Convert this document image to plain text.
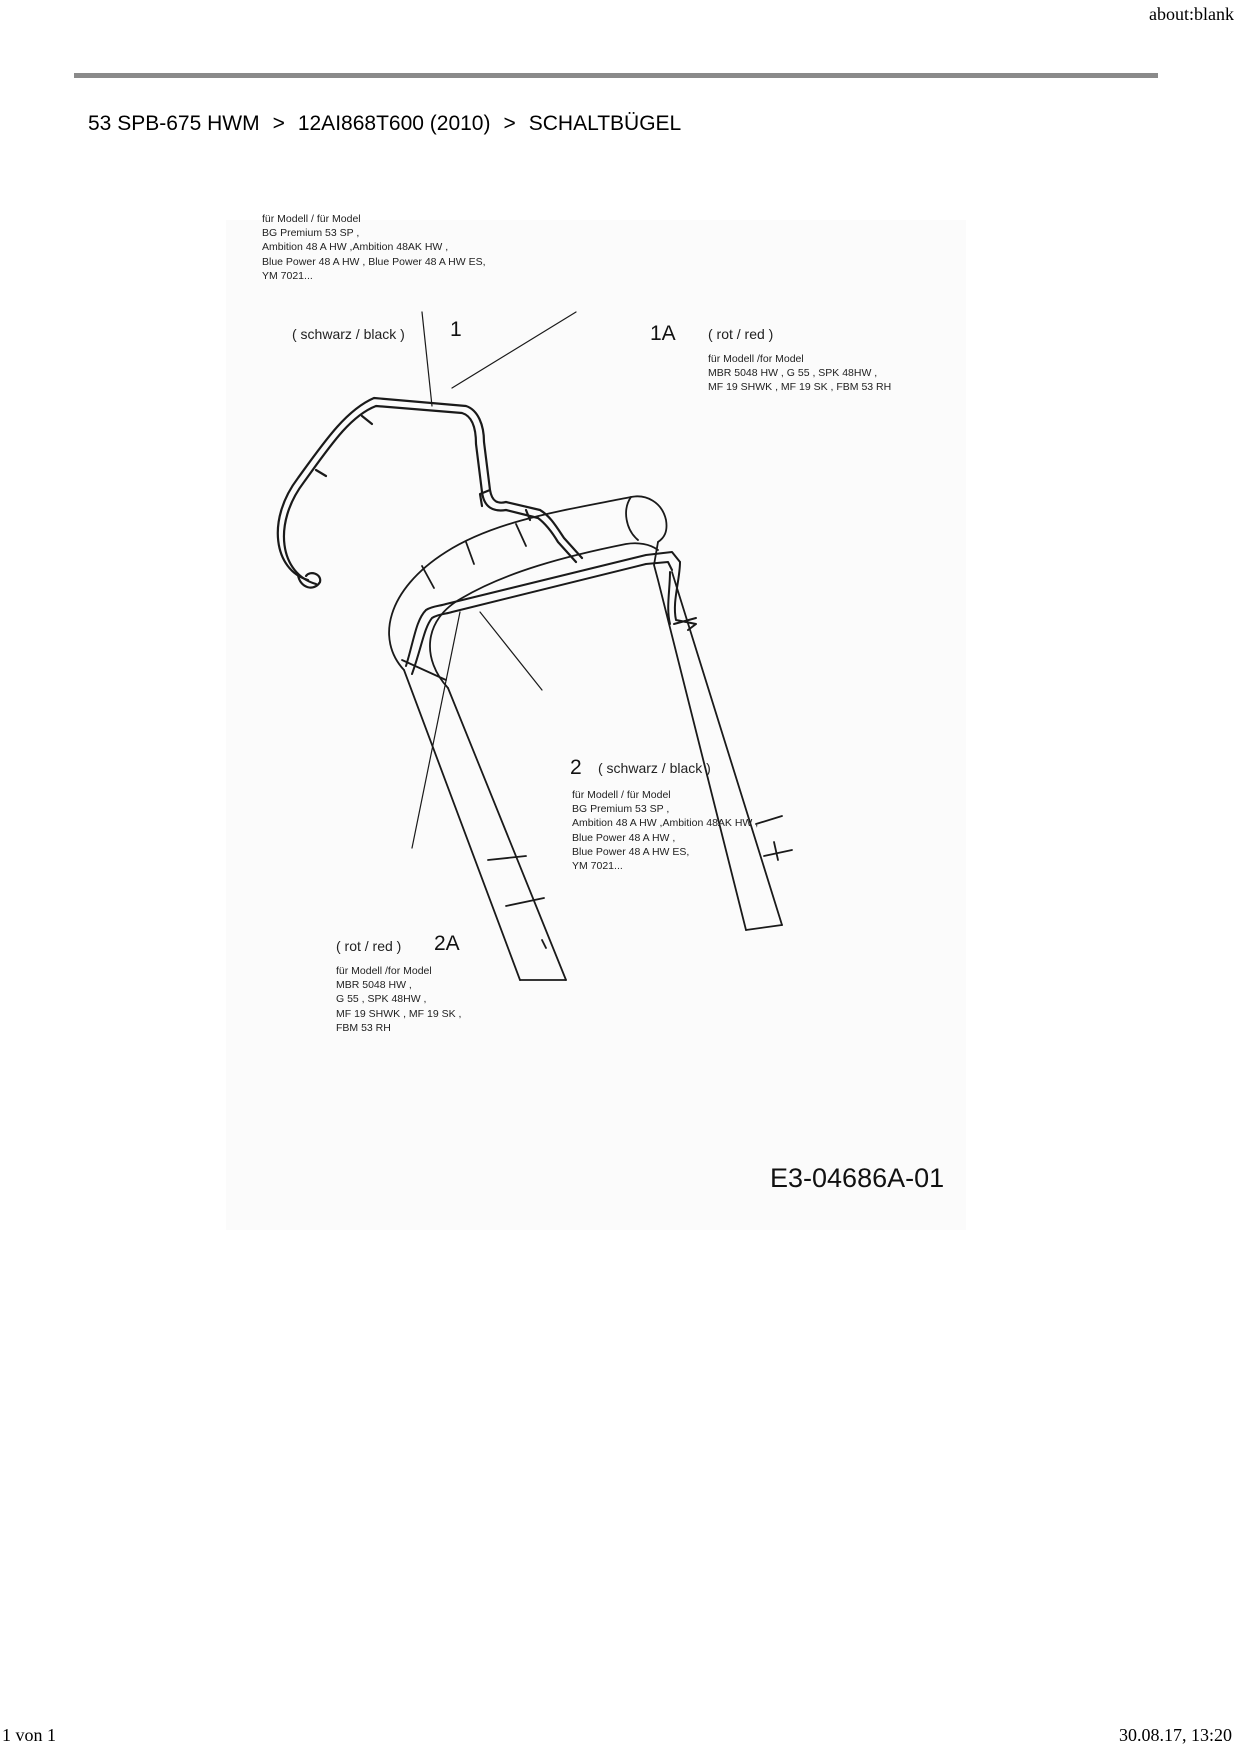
about:blank
53 SPB-675 HWM > 12AI868T600 (2010) > SCHALTBÜGEL
für Modell / für Model
BG Premium 53 SP ,
Ambition 48 A HW ,Ambition 48AK HW ,
Blue Power 48 A HW , Blue Power 48 A HW ES,
YM 7021...
( schwarz / black ) 1	1A ( rot / red )
für Modell /for Model
MBR 5048 HW , G 55 , SPK 48HW ,
MF 19 SHWK , MF 19 SK , FBM 53 RH
2 ( schwarz / black )
für Modell / für Model
BG Premium 53 SP ,
Ambition 48 A HW ,Ambition 48AK HW ,
Blue Power 48 A HW ,
Blue Power 48 A HW ES,
YM 7021...
( rot / red ) 2A
für Modell /for Model
MBR 5048 HW ,
G 55 , SPK 48HW ,
MF 19 SHWK , MF 19 SK ,
FBM 53 RH
E3-04686A-01
1 von 1	30.08.17, 13:20
